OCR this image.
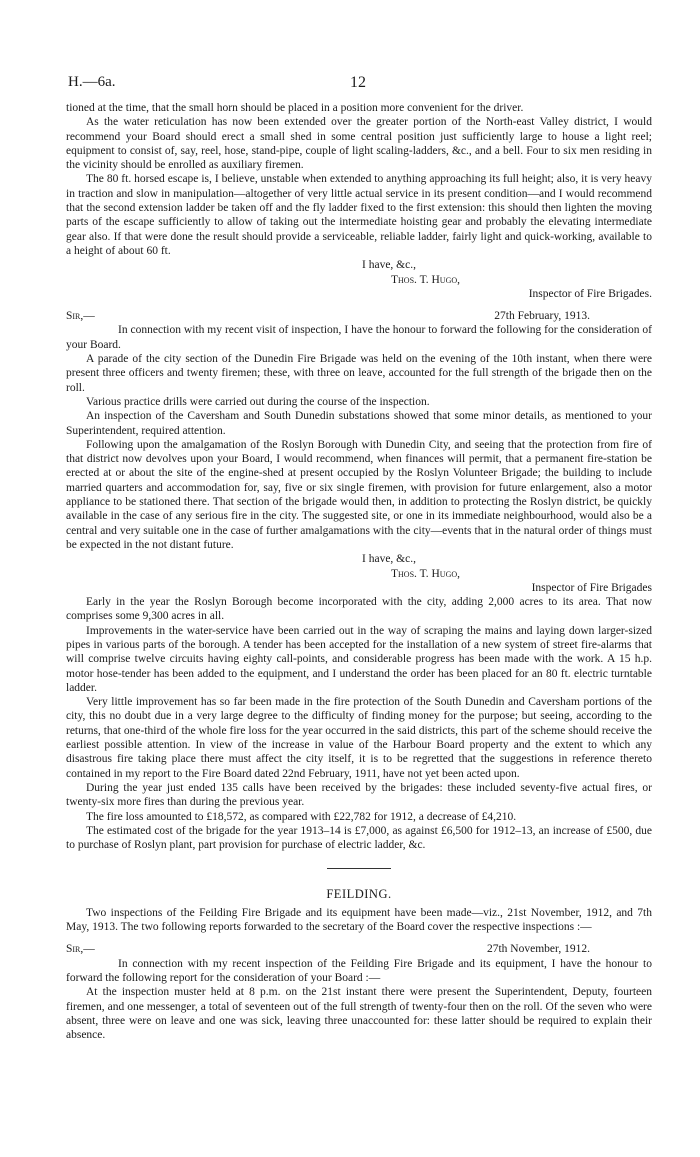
12
H.—6a.

tioned at the time, that the small horn should be placed in a position more convenient for the driver.

As the water reticulation has now been extended over the greater portion of the North-east Valley district, I would recommend your Board should erect a small shed in some central position just sufficiently large to house a light reel; equipment to consist of, say, reel, hose, stand-pipe, couple of light scaling-ladders, &c., and a bell. Four to six men residing in the vicinity should be enrolled as auxiliary firemen.

The 80 ft. horsed escape is, I believe, unstable when extended to anything approaching its full height; also, it is very heavy in traction and slow in manipulation—altogether of very little actual service in its present condition—and I would recommend that the second extension ladder be taken off and the fly ladder fixed to the first extension: this should then lighten the moving parts of the escape sufficiently to allow of taking out the intermediate hoisting gear and probably the elevating intermediate gear also. If that were done the result should provide a serviceable, reliable ladder, fairly light and quick-working, available to a height of about 60 ft.

I have, &c.,
Thos. T. Hugo,
Inspector of Fire Brigades.
Sir,—	27th February, 1913.

In connection with my recent visit of inspection, I have the honour to forward the following for the consideration of your Board.

A parade of the city section of the Dunedin Fire Brigade was held on the evening of the 10th instant, when there were present three officers and twenty firemen; these, with three on leave, accounted for the full strength of the brigade then on the roll.

Various practice drills were carried out during the course of the inspection.

An inspection of the Caversham and South Dunedin substations showed that some minor details, as mentioned to your Superintendent, required attention.

Following upon the amalgamation of the Roslyn Borough with Dunedin City, and seeing that the protection from fire of that district now devolves upon your Board, I would recommend, when finances will permit, that a permanent fire-station be erected at or about the site of the engine-shed at present occupied by the Roslyn Volunteer Brigade; the building to include married quarters and accommodation for, say, five or six single firemen, with provision for future enlargement, also a motor appliance to be stationed there. That section of the brigade would then, in addition to protecting the Roslyn district, be quickly available in the case of any serious fire in the city. The suggested site, or one in its immediate neighbourhood, would also be a central and very suitable one in the case of further amalgamations with the city—events that in the natural order of things must be expected in the not distant future.

I have, &c.,
Thos. T. Hugo,
Inspector of Fire Brigades

Early in the year the Roslyn Borough become incorporated with the city, adding 2,000 acres to its area. That now comprises some 9,300 acres in all.

Improvements in the water-service have been carried out in the way of scraping the mains and laying down larger-sized pipes in various parts of the borough. A tender has been accepted for the installation of a new system of street fire-alarms that will comprise twelve circuits having eighty call-points, and considerable progress has been made with the work. A 15 h.p. motor hose-tender has been added to the equipment, and I understand the order has been placed for an 80 ft. electric turntable ladder.

Very little improvement has so far been made in the fire protection of the South Dunedin and Caversham portions of the city, this no doubt due in a very large degree to the difficulty of finding money for the purpose; but seeing, according to the returns, that one-third of the whole fire loss for the year occurred in the said districts, this part of the scheme should receive the earliest possible attention. In view of the increase in value of the Harbour Board property and the extent to which any disastrous fire taking place there must affect the city itself, it is to be regretted that the suggestions in reference thereto contained in my report to the Fire Board dated 22nd February, 1911, have not yet been acted upon.

During the year just ended 135 calls have been received by the brigades: these included seventy-five actual fires, or twenty-six more fires than during the previous year.

The fire loss amounted to £18,572, as compared with £22,782 for 1912, a decrease of £4,210.

The estimated cost of the brigade for the year 1913–14 is £7,000, as against £6,500 for 1912–13, an increase of £500, due to purchase of Roslyn plant, part provision for purchase of electric ladder, &c.

FEILDING.

Two inspections of the Feilding Fire Brigade and its equipment have been made—viz., 21st November, 1912, and 7th May, 1913. The two following reports forwarded to the secretary of the Board cover the respective inspections :—

Sir,—	27th November, 1912.

In connection with my recent inspection of the Feilding Fire Brigade and its equipment, I have the honour to forward the following report for the consideration of your Board :—

At the inspection muster held at 8 p.m. on the 21st instant there were present the Superintendent, Deputy, fourteen firemen, and one messenger, a total of seventeen out of the full strength of twenty-four then on the roll. Of the seven who were absent, three were on leave and one was sick, leaving three unaccounted for: these latter should be required to explain their absence.
